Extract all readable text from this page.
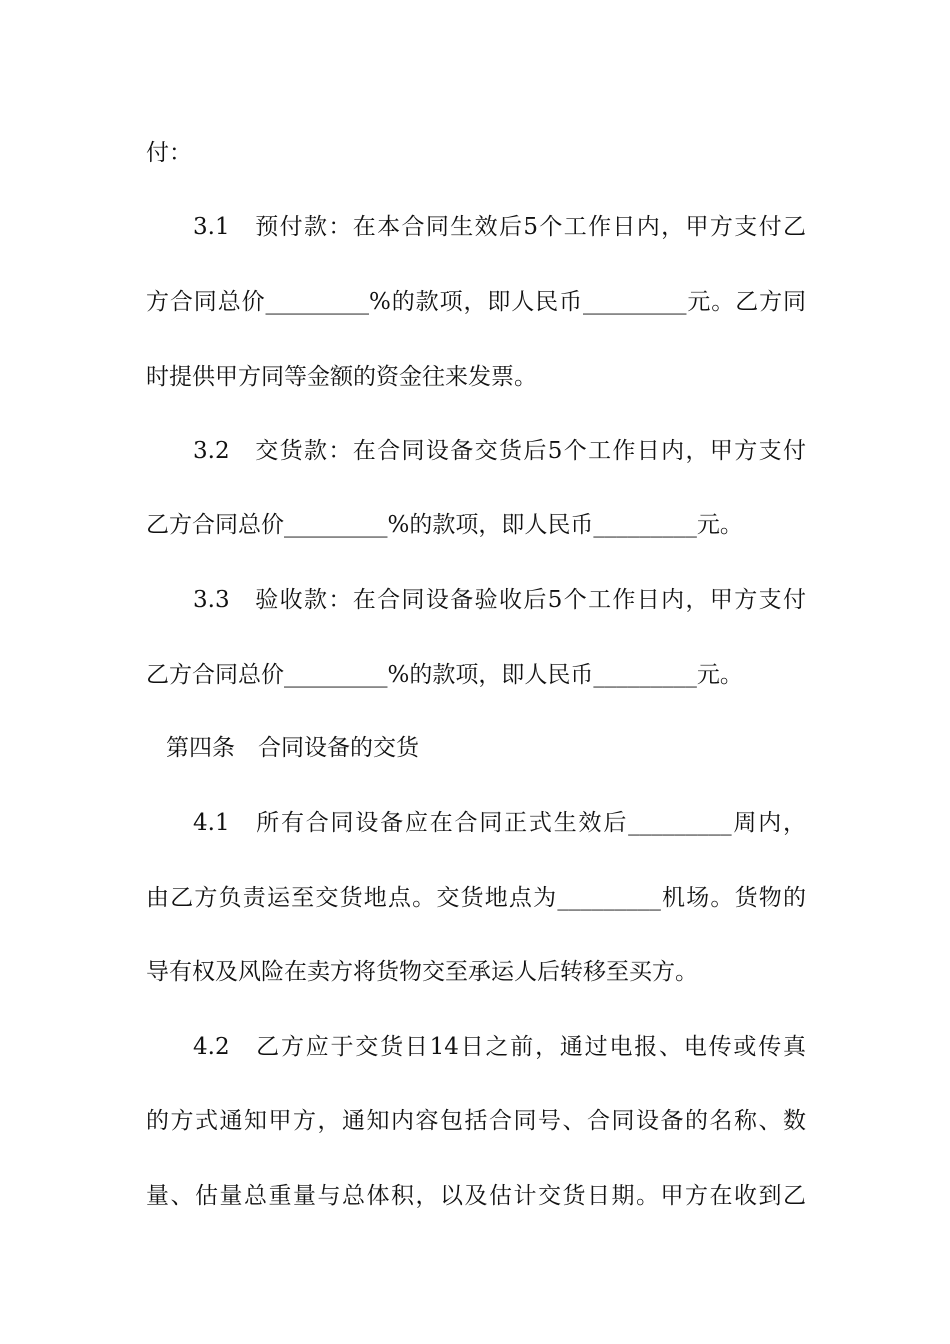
付：
3.1　预付款：在本合同生效后5个工作日内，甲方支付乙
方合同总价_________%的款项，即人民币_________元。乙方同
时提供甲方同等金额的资金往来发票。
3.2　交货款：在合同设备交货后5个工作日内，甲方支付
乙方合同总价_________%的款项，即人民币_________元。
3.3　验收款：在合同设备验收后5个工作日内，甲方支付
乙方合同总价_________%的款项，即人民币_________元。
第四条　合同设备的交货
4.1　所有合同设备应在合同正式生效后_________周内，
由乙方负责运至交货地点。交货地点为_________机场。货物的
导有权及风险在卖方将货物交至承运人后转移至买方。
4.2　乙方应于交货日14日之前，通过电报、电传或传真
的方式通知甲方，通知内容包括合同号、合同设备的名称、数
量、估量总重量与总体积，以及估计交货日期。甲方在收到乙
